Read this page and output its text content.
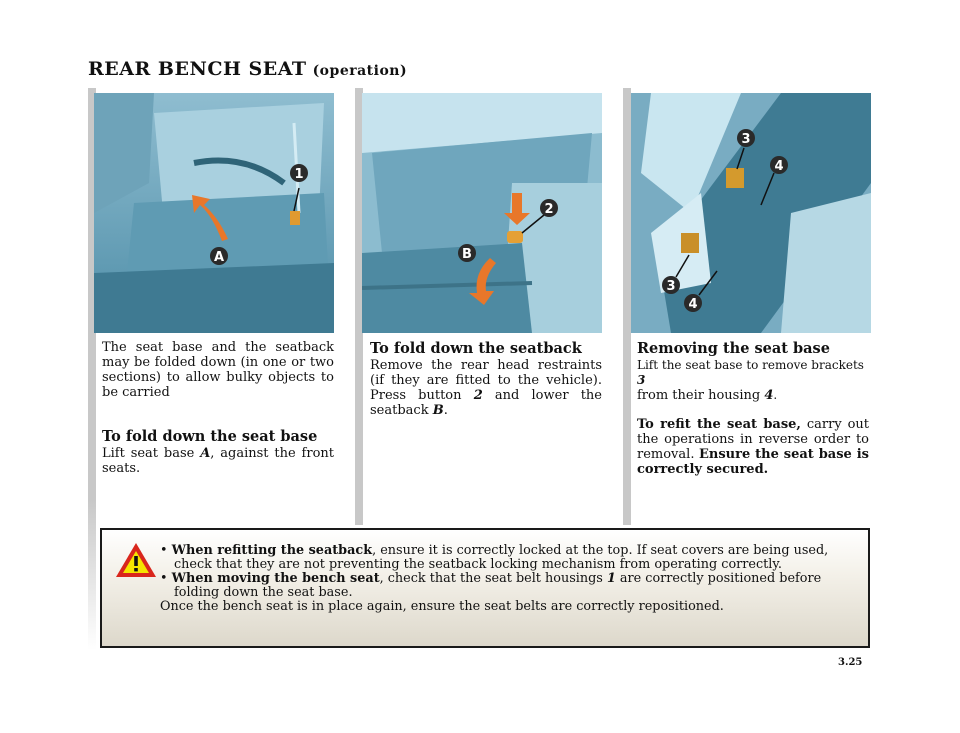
REAR BENCH SEAT (operation)
1
A
2
B
3
4
3
4

The seat base and the seatback may be folded down (in one or two sections) to allow bulky objects to be carried

To fold down the seat base

Lift seat base A, against the front seats.

To fold down the seatback

Remove the rear head restraints (if they are fitted to the vehicle). Press button 2 and lower the seatback B.

Removing the seat base

Lift the seat base to remove brackets 3
from their housing 4.

To refit the seat base, carry out the operations in reverse order to removal. Ensure the seat base is correctly secured.

• When refitting the seatback, ensure it is correctly locked at the top. If seat covers are being used, check that they are not preventing the seatback locking mechanism from operating correctly.
• When moving the bench seat, check that the seat belt housings 1 are correctly positioned before folding down the seat base.
Once the bench seat is in place again, ensure the seat belts are correctly repositioned.
3.25
